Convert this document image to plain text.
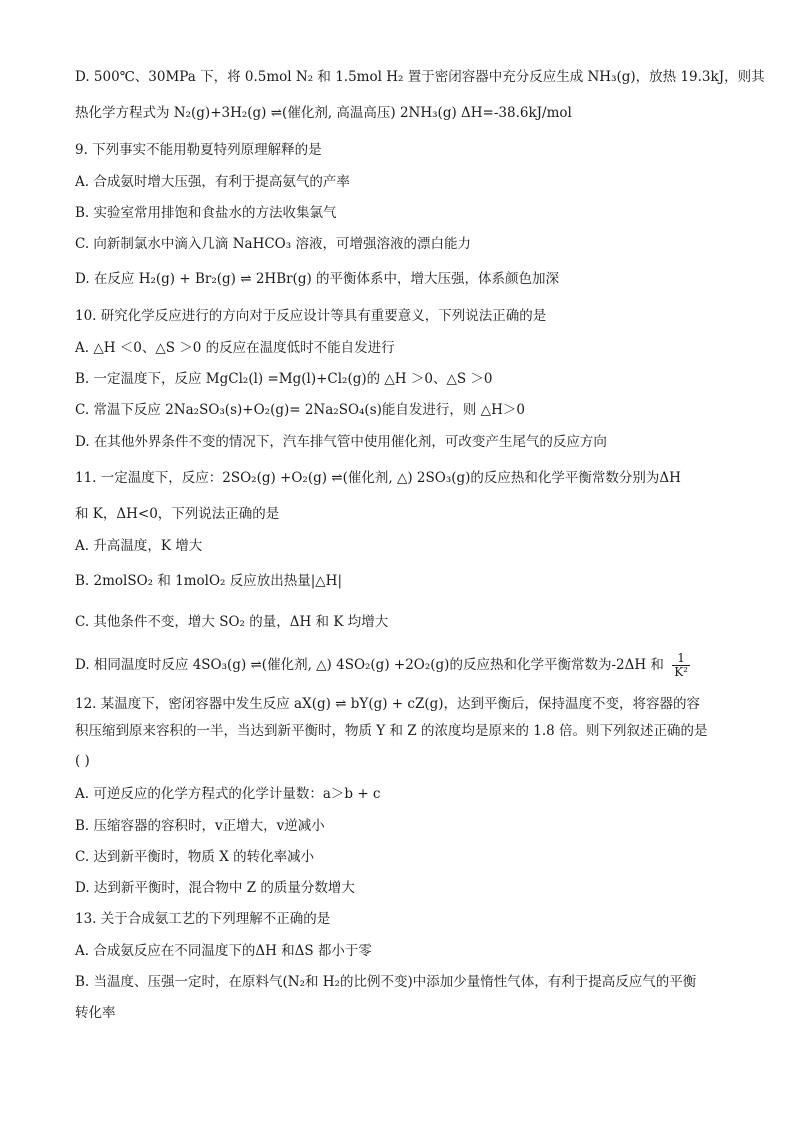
D. 500℃、30MPa 下，将 0.5mol N₂ 和 1.5mol H₂ 置于密闭容器中充分反应生成 NH₃(g)，放热 19.3kJ，则其
热化学方程式为 N₂(g)+3H₂(g) ⇌(催化剂, 高温高压) 2NH₃(g) ΔH=-38.6kJ/mol
9. 下列事实不能用勒夏特列原理解释的是
A. 合成氨时增大压强，有利于提高氨气的产率
B. 实验室常用排饱和食盐水的方法收集氯气
C. 向新制氯水中滴入几滴 NaHCO₃ 溶液，可增强溶液的漂白能力
D. 在反应 H₂(g) + Br₂(g) ⇌ 2HBr(g) 的平衡体系中，增大压强，体系颜色加深
10. 研究化学反应进行的方向对于反应设计等具有重要意义，下列说法正确的是
A. △H ＜0、△S ＞0 的反应在温度低时不能自发进行
B. 一定温度下，反应 MgCl₂(l) =Mg(l)+Cl₂(g)的 △H ＞0、△S ＞0
C. 常温下反应 2Na₂SO₃(s)+O₂(g)= 2Na₂SO₄(s)能自发进行，则 △H＞0
D. 在其他外界条件不变的情况下，汽车排气管中使用催化剂，可改变产生尾气的反应方向
11. 一定温度下，反应：2SO₂(g) +O₂(g) ⇌(催化剂, △) 2SO₃(g)的反应热和化学平衡常数分别为ΔH
和 K，ΔH<0，下列说法正确的是
A. 升高温度，K 增大
B. 2molSO₂ 和 1molO₂ 反应放出热量|△H|
C. 其他条件不变，增大 SO₂ 的量，ΔH 和 K 均增大
D. 相同温度时反应 4SO₃(g) ⇌(催化剂, △) 4SO₂(g) +2O₂(g)的反应热和化学平衡常数为-2ΔH 和 $\frac{1}{\text{K²}}$
12. 某温度下，密闭容器中发生反应 aX(g) ⇌ bY(g) + cZ(g)，达到平衡后，保持温度不变，将容器的容
积压缩到原来容积的一半，当达到新平衡时，物质 Y 和 Z 的浓度均是原来的 1.8 倍。则下列叙述正确的是
( )
A. 可逆反应的化学方程式的化学计量数：a＞b + c
B. 压缩容器的容积时，v正增大，v逆减小
C. 达到新平衡时，物质 X 的转化率减小
D. 达到新平衡时，混合物中 Z 的质量分数增大
13. 关于合成氨工艺的下列理解不正确的是
A. 合成氨反应在不同温度下的ΔH 和ΔS 都小于零
B. 当温度、压强一定时，在原料气(N₂和 H₂的比例不变)中添加少量惰性气体，有利于提高反应气的平衡
转化率
